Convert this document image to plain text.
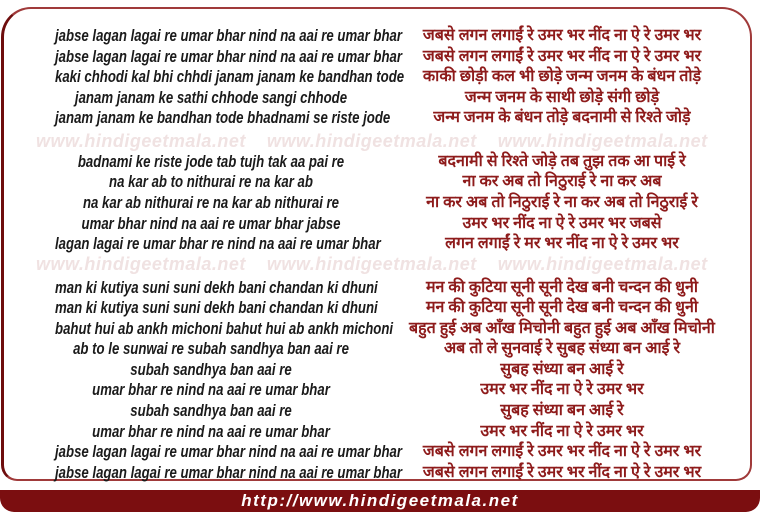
www.hindigeetmala.net www.hindigeetmala.net www.hindigeetmala.net
www.hindigeetmala.net www.hindigeetmala.net www.hindigeetmala.net
jabse lagan lagai re umar bhar nind na aai re umar bhar
jabse lagan lagai re umar bhar nind na aai re umar bhar
kaki chhodi kal bhi chhdi janam janam ke bandhan tode
janam janam ke sathi chhode sangi chhode
janam janam ke bandhan tode bhadnami se riste jode
badnami ke riste jode tab tujh tak aa pai re
na kar ab to nithurai re na kar ab
na kar ab nithurai re na kar ab nithurai re
umar bhar nind na aai re umar bhar jabse
lagan lagai re umar bhar re nind na aai re umar bhar
man ki kutiya suni suni dekh bani chandan ki dhuni
man ki kutiya suni suni dekh bani chandan ki dhuni
bahut hui ab ankh michoni bahut hui ab ankh michoni
ab to le sunwai re subah sandhya ban aai re
subah sandhya ban aai re
umar bhar re nind na aai re umar bhar
subah sandhya ban aai re
umar bhar re nind na aai re umar bhar
jabse lagan lagai re umar bhar nind na aai re umar bhar
jabse lagan lagai re umar bhar nind na aai re umar bhar
जबसे लगन लगाईं रे उमर भर नींद ना ऐ रे उमर भर
जबसे लगन लगाईं रे उमर भर नींद ना ऐ रे उमर भर
काकी छोड़ी कल भी छोड़े जन्म जनम के बंधन तोड़े
जन्म जनम के साथी छोड़े संगी छोड़े
जन्म जनम के बंधन तोड़े बदनामी से रिश्ते जोड़े
बदनामी से रिश्ते जोड़े तब तुझ तक आ पाई रे
ना कर अब तो निठुराई रे ना कर अब
ना कर अब तो निठुराई रे ना कर अब तो निठुराई रे
उमर भर नींद ना ऐ रे उमर भर जबसे
लगन लगाईं रे मर भर नींद ना ऐ रे उमर भर
मन की कुटिया सूनी सूनी देख बनी चन्दन की धुनी
मन की कुटिया सूनी सूनी देख बनी चन्दन की धुनी
बहुत हुई अब आँख मिचोनी बहुत हुई अब आँख मिचोनी
अब तो ले सुनवाई रे सुबह संध्या बन आई रे
सुबह संध्या बन आई रे
उमर भर नींद ना ऐ रे उमर भर
सुबह संध्या बन आई रे
उमर भर नींद ना ऐ रे उमर भर
जबसे लगन लगाईं रे उमर भर नींद ना ऐ रे उमर भर
जबसे लगन लगाईं रे उमर भर नींद ना ऐ रे उमर भर
http://www.hindigeetmala.net
